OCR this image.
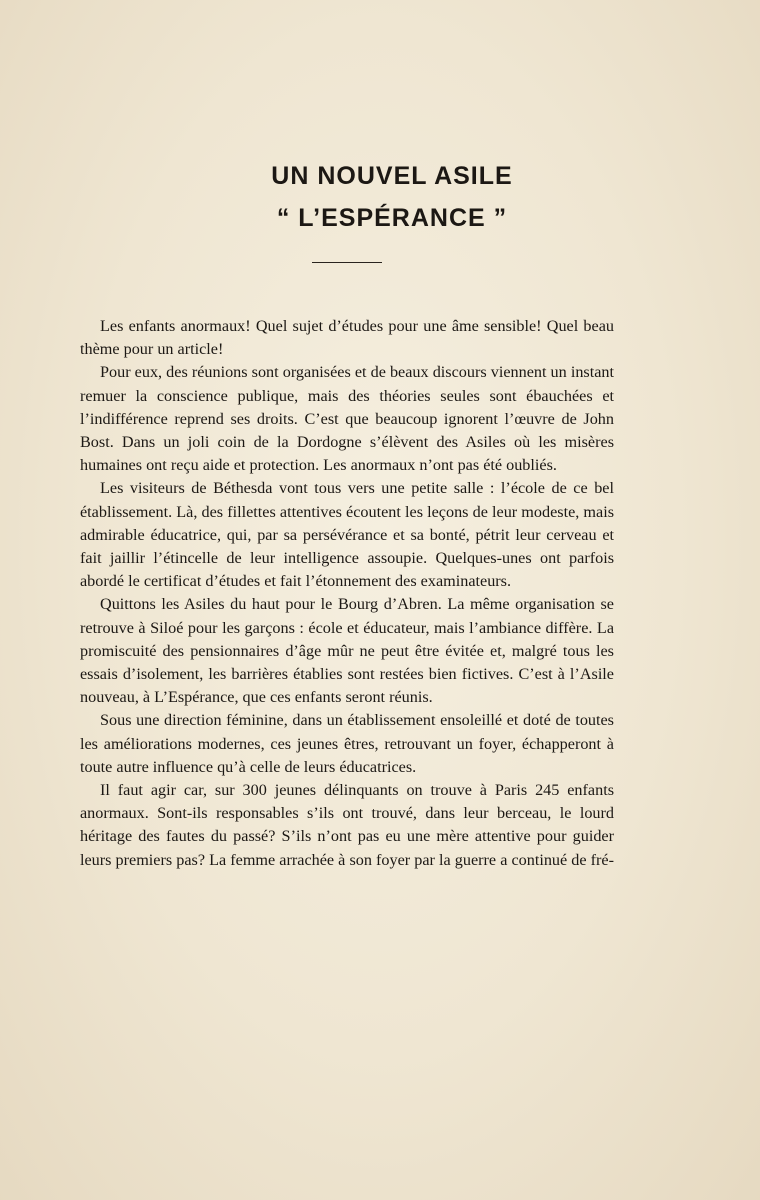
UN NOUVEL ASILE
“ L’ESPÉRANCE ”

Les enfants anormaux! Quel sujet d’études pour une âme sensible! Quel beau thème pour un article!

Pour eux, des réunions sont organisées et de beaux discours viennent un instant remuer la conscience publique, mais des théories seules sont ébauchées et l’indifférence reprend ses droits. C’est que beaucoup ignorent l’œuvre de John Bost. Dans un joli coin de la Dordogne s’élèvent des Asiles où les misères humaines ont reçu aide et protection. Les anormaux n’ont pas été oubliés.

Les visiteurs de Béthesda vont tous vers une petite salle : l’école de ce bel établissement. Là, des fillettes attentives écoutent les leçons de leur modeste, mais admirable éducatrice, qui, par sa persévérance et sa bonté, pétrit leur cerveau et fait jaillir l’étincelle de leur intelligence assoupie. Quelques-unes ont parfois abordé le certificat d’études et fait l’étonnement des examinateurs.

Quittons les Asiles du haut pour le Bourg d’Abren. La même organisation se retrouve à Siloé pour les garçons : école et éducateur, mais l’ambiance diffère. La promiscuité des pensionnaires d’âge mûr ne peut être évitée et, malgré tous les essais d’isolement, les barrières établies sont restées bien fictives. C’est à l’Asile nouveau, à L’Espérance, que ces enfants seront réunis.

Sous une direction féminine, dans un établissement ensoleillé et doté de toutes les améliorations modernes, ces jeunes êtres, retrouvant un foyer, échapperont à toute autre influence qu’à celle de leurs éducatrices.

Il faut agir car, sur 300 jeunes délinquants on trouve à Paris 245 enfants anormaux. Sont-ils responsables s’ils ont trouvé, dans leur berceau, le lourd héritage des fautes du passé? S’ils n’ont pas eu une mère attentive pour guider leurs premiers pas? La femme arrachée à son foyer par la guerre a continué de fré-
